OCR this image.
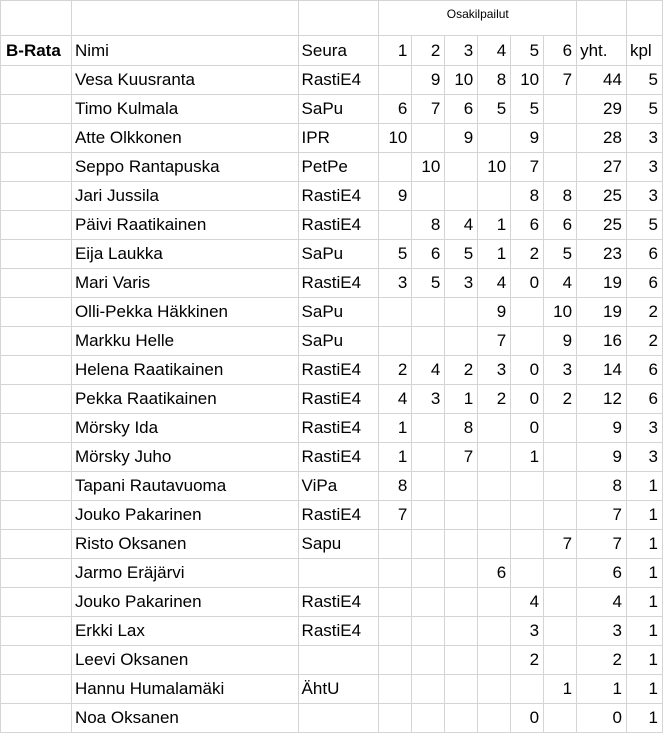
			Osakilpailut							
B-Rata	Nimi	Seura	1	2	3	4	5	6	yht.	kpl
	Vesa Kuusranta	RastiE4		9	10	8	10	7	44	5
	Timo Kulmala	SaPu	6	7	6	5	5		29	5
	Atte Olkkonen	IPR	10		9		9		28	3
	Seppo Rantapuska	PetPe		10		10	7		27	3
	Jari Jussila	RastiE4	9				8	8	25	3
	Päivi Raatikainen	RastiE4		8	4	1	6	6	25	5
	Eija Laukka	SaPu	5	6	5	1	2	5	23	6
	Mari Varis	RastiE4	3	5	3	4	0	4	19	6
	Olli-Pekka Häkkinen	SaPu				9		10	19	2
	Markku Helle	SaPu				7		9	16	2
	Helena Raatikainen	RastiE4	2	4	2	3	0	3	14	6
	Pekka Raatikainen	RastiE4	4	3	1	2	0	2	12	6
	Mörsky Ida	RastiE4	1		8		0		9	3
	Mörsky Juho	RastiE4	1		7		1		9	3
	Tapani Rautavuoma	ViPa	8						8	1
	Jouko Pakarinen	RastiE4	7						7	1
	Risto Oksanen	Sapu						7	7	1
	Jarmo Eräjärvi					6			6	1
	Jouko Pakarinen	RastiE4					4		4	1
	Erkki Lax	RastiE4					3		3	1
	Leevi Oksanen						2		2	1
	Hannu Humalamäki	ÄhtU						1	1	1
	Noa Oksanen						0		0	1
